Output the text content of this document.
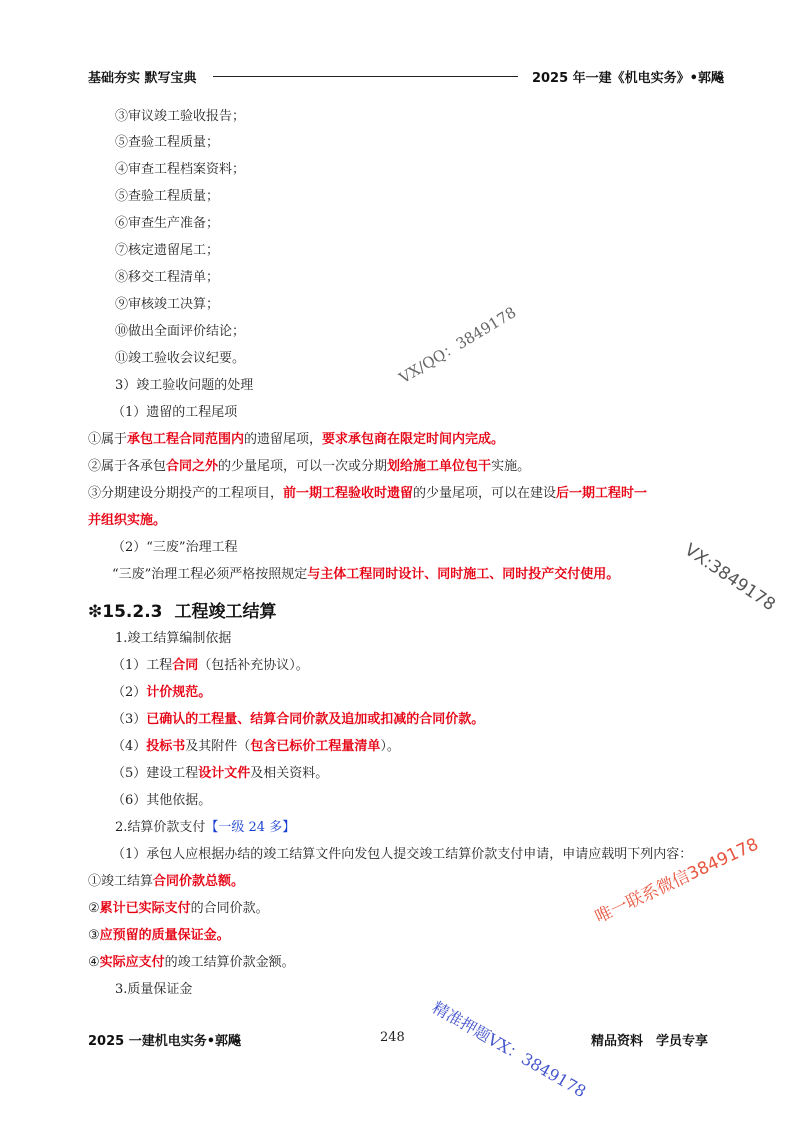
基础夯实 默写宝典	2025 年一建《机电实务》•郭飚
③审议竣工验收报告；
⑤查验工程质量；
④审查工程档案资料；
⑤查验工程质量；
⑥审查生产准备；
⑦核定遗留尾工；
⑧移交工程清单；
⑨审核竣工决算；
⑩做出全面评价结论；
⑪竣工验收会议纪要。
3）竣工验收问题的处理
（1）遗留的工程尾项
①属于承包工程合同范围内的遗留尾项，要求承包商在限定时间内完成。
②属于各承包合同之外的少量尾项，可以一次或分期划给施工单位包干实施。
③分期建设分期投产的工程项目，前一期工程验收时遗留的少量尾项，可以在建设后一期工程时一
并组织实施。
（2）“三废”治理工程
“三废”治理工程必须严格按照规定与主体工程同时设计、同时施工、同时投产交付使用。
1.竣工结算编制依据
（1）工程合同（包括补充协议）。
（2）计价规范。
（3）已确认的工程量、结算合同价款及追加或扣减的合同价款。
（4）投标书及其附件（包含已标价工程量清单）。
（5）建设工程设计文件及相关资料。
（6）其他依据。
2.结算价款支付【一级 24 多】
（1）承包人应根据办结的竣工结算文件向发包人提交竣工结算价款支付申请，申请应载明下列内容：
①竣工结算合同价款总额。
②累计已实际支付的合同价款。
③应预留的质量保证金。
④实际应支付的竣工结算价款金额。
3.质量保证金
❇15.2.3 工程竣工结算
2025 一建机电实务•郭飚	248	精品资料　学员专享
VX/QQ：3849178
VX:3849178
唯一联系微信3849178
精准押题VX：3849178
